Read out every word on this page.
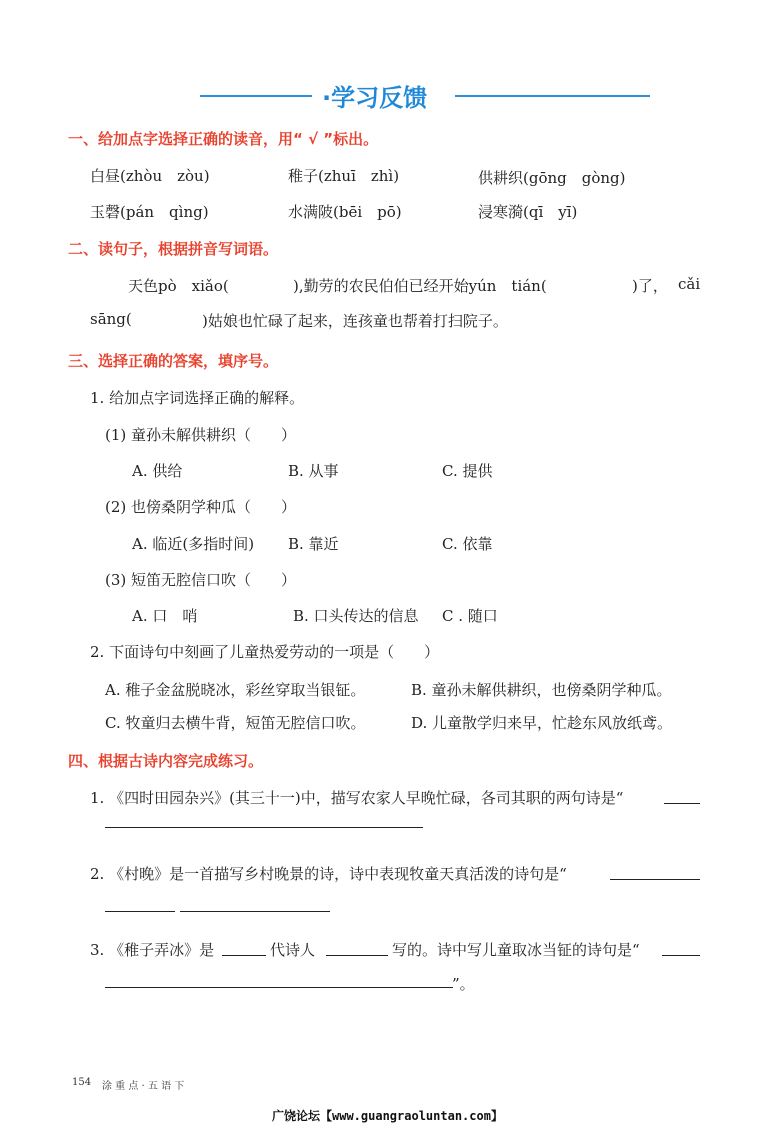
·学习反馈
一、给加点字选择正确的读音，用“ √ ”标出。
白昼(zhòu　zòu)	稚子(zhuī　zhì)	供耕织(gōng　gòng)
玉磬(pán　qìng)	水满陂(bēi　pō)	浸寒漪(qī　yī)
二、读句子，根据拼音写词语。
天色pò　xiǎo(	),勤劳的农民伯伯已经开始yún　tián(	)了， cǎi
sāng(	)姑娘也忙碌了起来，连孩童也帮着打扫院子。
三、选择正确的答案，填序号。
1. 给加点字词选择正确的解释。
(1) 童孙未解供耕织（　　）
A. 供给	B. 从事	C. 提供
(2) 也傍桑阴学种瓜（　　）
A. 临近(多指时间) B. 靠近	C. 依靠
(3) 短笛无腔信口吹（　　）
A. 口　哨	B. 口头传达的信息 C . 随口
2. 下面诗句中刻画了儿童热爱劳动的一项是（　　）
A. 稚子金盆脱晓冰，彩丝穿取当银钲。	B. 童孙未解供耕织，也傍桑阴学种瓜。
C. 牧童归去横牛背，短笛无腔信口吹。	D. 儿童散学归来早，忙趁东风放纸鸢。
四、根据古诗内容完成练习。
1. 《四时田园杂兴》(其三十一)中，描写农家人早晚忙碌，各司其职的两句诗是“
2. 《村晚》是一首描写乡村晚景的诗，诗中表现牧童天真活泼的诗句是“
3. 《稚子弄冰》是	代诗人	写的。诗中写儿童取冰当钲的诗句是“
”。
154 涂 重 点 · 五 语 下
广饶论坛【www.guangraoluntan.com】
